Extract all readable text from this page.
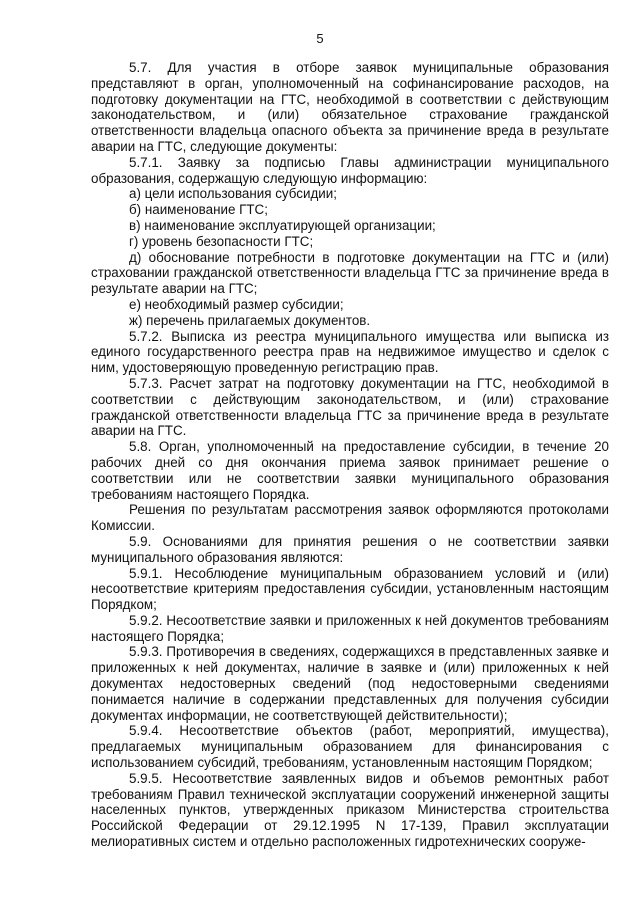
5

5.7. Для участия в отборе заявок муниципальные образования представляют в орган, уполномоченный на софинансирование расходов, на подготовку документации на ГТС, необходимой в соответствии с действующим законодательством, и (или) обязательное страхование гражданской ответственности владельца опасного объекта за причинение вреда в результате аварии на ГТС, следующие документы:

5.7.1. Заявку за подписью Главы администрации муниципального образования, содержащую следующую информацию:

а) цели использования субсидии;

б) наименование ГТС;

в) наименование эксплуатирующей организации;

г) уровень безопасности ГТС;

д) обоснование потребности в подготовке документации на ГТС и (или) страховании гражданской ответственности владельца ГТС за причинение вреда в результате аварии на ГТС;

е) необходимый размер субсидии;

ж) перечень прилагаемых документов.

5.7.2. Выписка из реестра муниципального имущества или выписка из единого государственного реестра прав на недвижимое имущество и сделок с ним, удостоверяющую проведенную регистрацию прав.

5.7.3. Расчет затрат на подготовку документации на ГТС, необходимой в соответствии с действующим законодательством, и (или) страхование гражданской ответственности владельца ГТС за причинение вреда в результате аварии на ГТС.

5.8. Орган, уполномоченный на предоставление субсидии, в течение 20 рабочих дней со дня окончания приема заявок принимает решение о соответствии или не соответствии заявки муниципального образования требованиям настоящего Порядка.

Решения по результатам рассмотрения заявок оформляются протоколами Комиссии.

5.9. Основаниями для принятия решения о не соответствии заявки муниципального образования являются:

5.9.1. Несоблюдение муниципальным образованием условий и (или) несоответствие критериям предоставления субсидии, установленным настоящим Порядком;

5.9.2. Несоответствие заявки и приложенных к ней документов требованиям настоящего Порядка;

5.9.3. Противоречия в сведениях, содержащихся в представленных заявке и приложенных к ней документах, наличие в заявке и (или) приложенных к ней документах недостоверных сведений (под недостоверными сведениями понимается наличие в содержании представленных для получения субсидии документах информации, не соответствующей действительности);

5.9.4. Несоответствие объектов (работ, мероприятий, имущества), предлагаемых муниципальным образованием для финансирования с использованием субсидий, требованиям, установленным настоящим Порядком;

5.9.5. Несоответствие заявленных видов и объемов ремонтных работ требованиям Правил технической эксплуатации сооружений инженерной защиты населенных пунктов, утвержденных приказом Министерства строительства Российской Федерации от 29.12.1995 N 17-139, Правил эксплуатации мелиоративных систем и отдельно расположенных гидротехнических сооруже-
